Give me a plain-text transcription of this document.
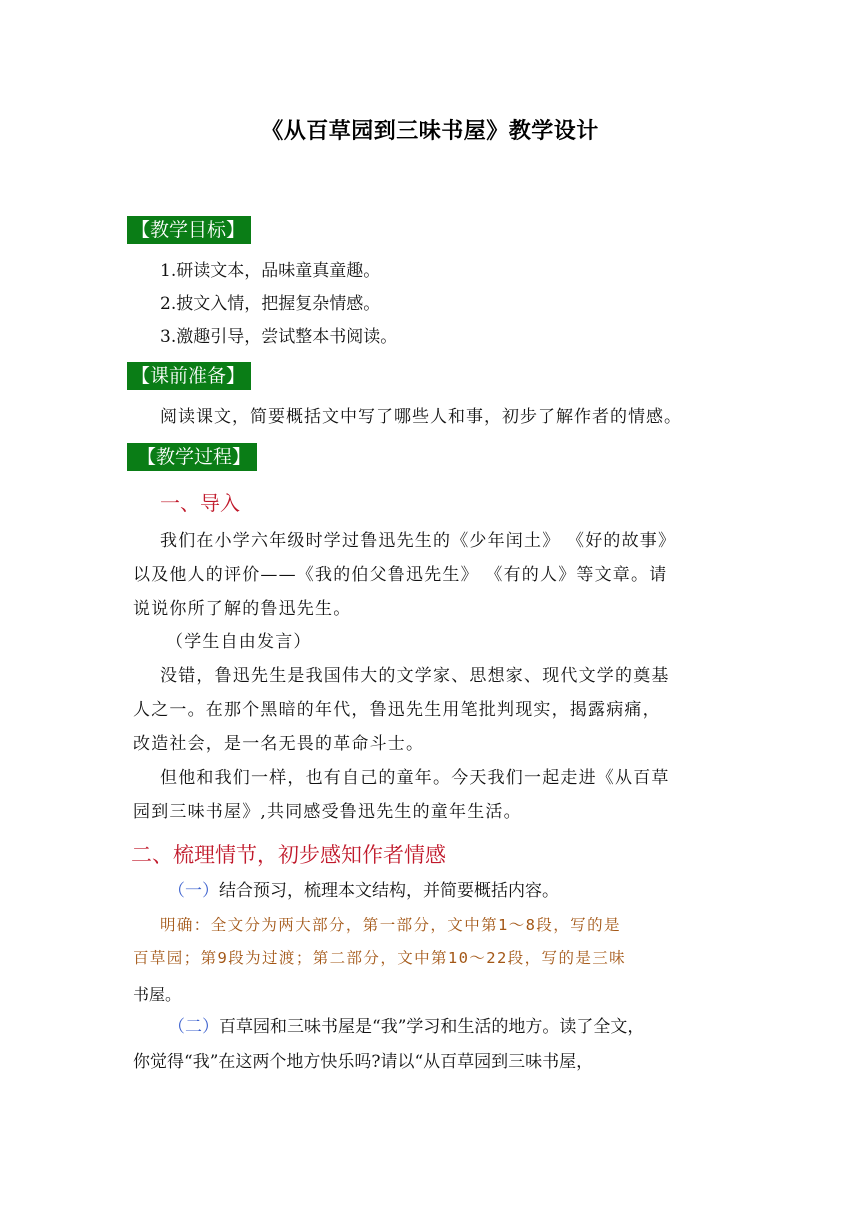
《从百草园到三味书屋》教学设计
【教学目标】
1.研读文本，品味童真童趣。
2.披文入情，把握复杂情感。
3.激趣引导，尝试整本书阅读。
【课前准备】
阅读课文，简要概括文中写了哪些人和事，初步了解作者的情感。
【教学过程】
一、导入
我们在小学六年级时学过鲁迅先生的《少年闰土》 《好的故事》
以及他人的评价——《我的伯父鲁迅先生》 《有的人》等文章。请
说说你所了解的鲁迅先生。
（学生自由发言）
没错，鲁迅先生是我国伟大的文学家、思想家、现代文学的奠基
人之一。在那个黑暗的年代，鲁迅先生用笔批判现实，揭露病痛，
改造社会，是一名无畏的革命斗士。
但他和我们一样，也有自己的童年。今天我们一起走进《从百草
园到三味书屋》,共同感受鲁迅先生的童年生活。
二、梳理情节，初步感知作者情感
（一）结合预习，梳理本文结构，并简要概括内容。
明确：全文分为两大部分，第一部分，文中第1～8段，写的是
百草园；第9段为过渡；第二部分，文中第10～22段，写的是三味
书屋。
（二）百草园和三味书屋是“我”学习和生活的地方。读了全文，
你觉得“我”在这两个地方快乐吗?请以“从百草园到三味书屋，
